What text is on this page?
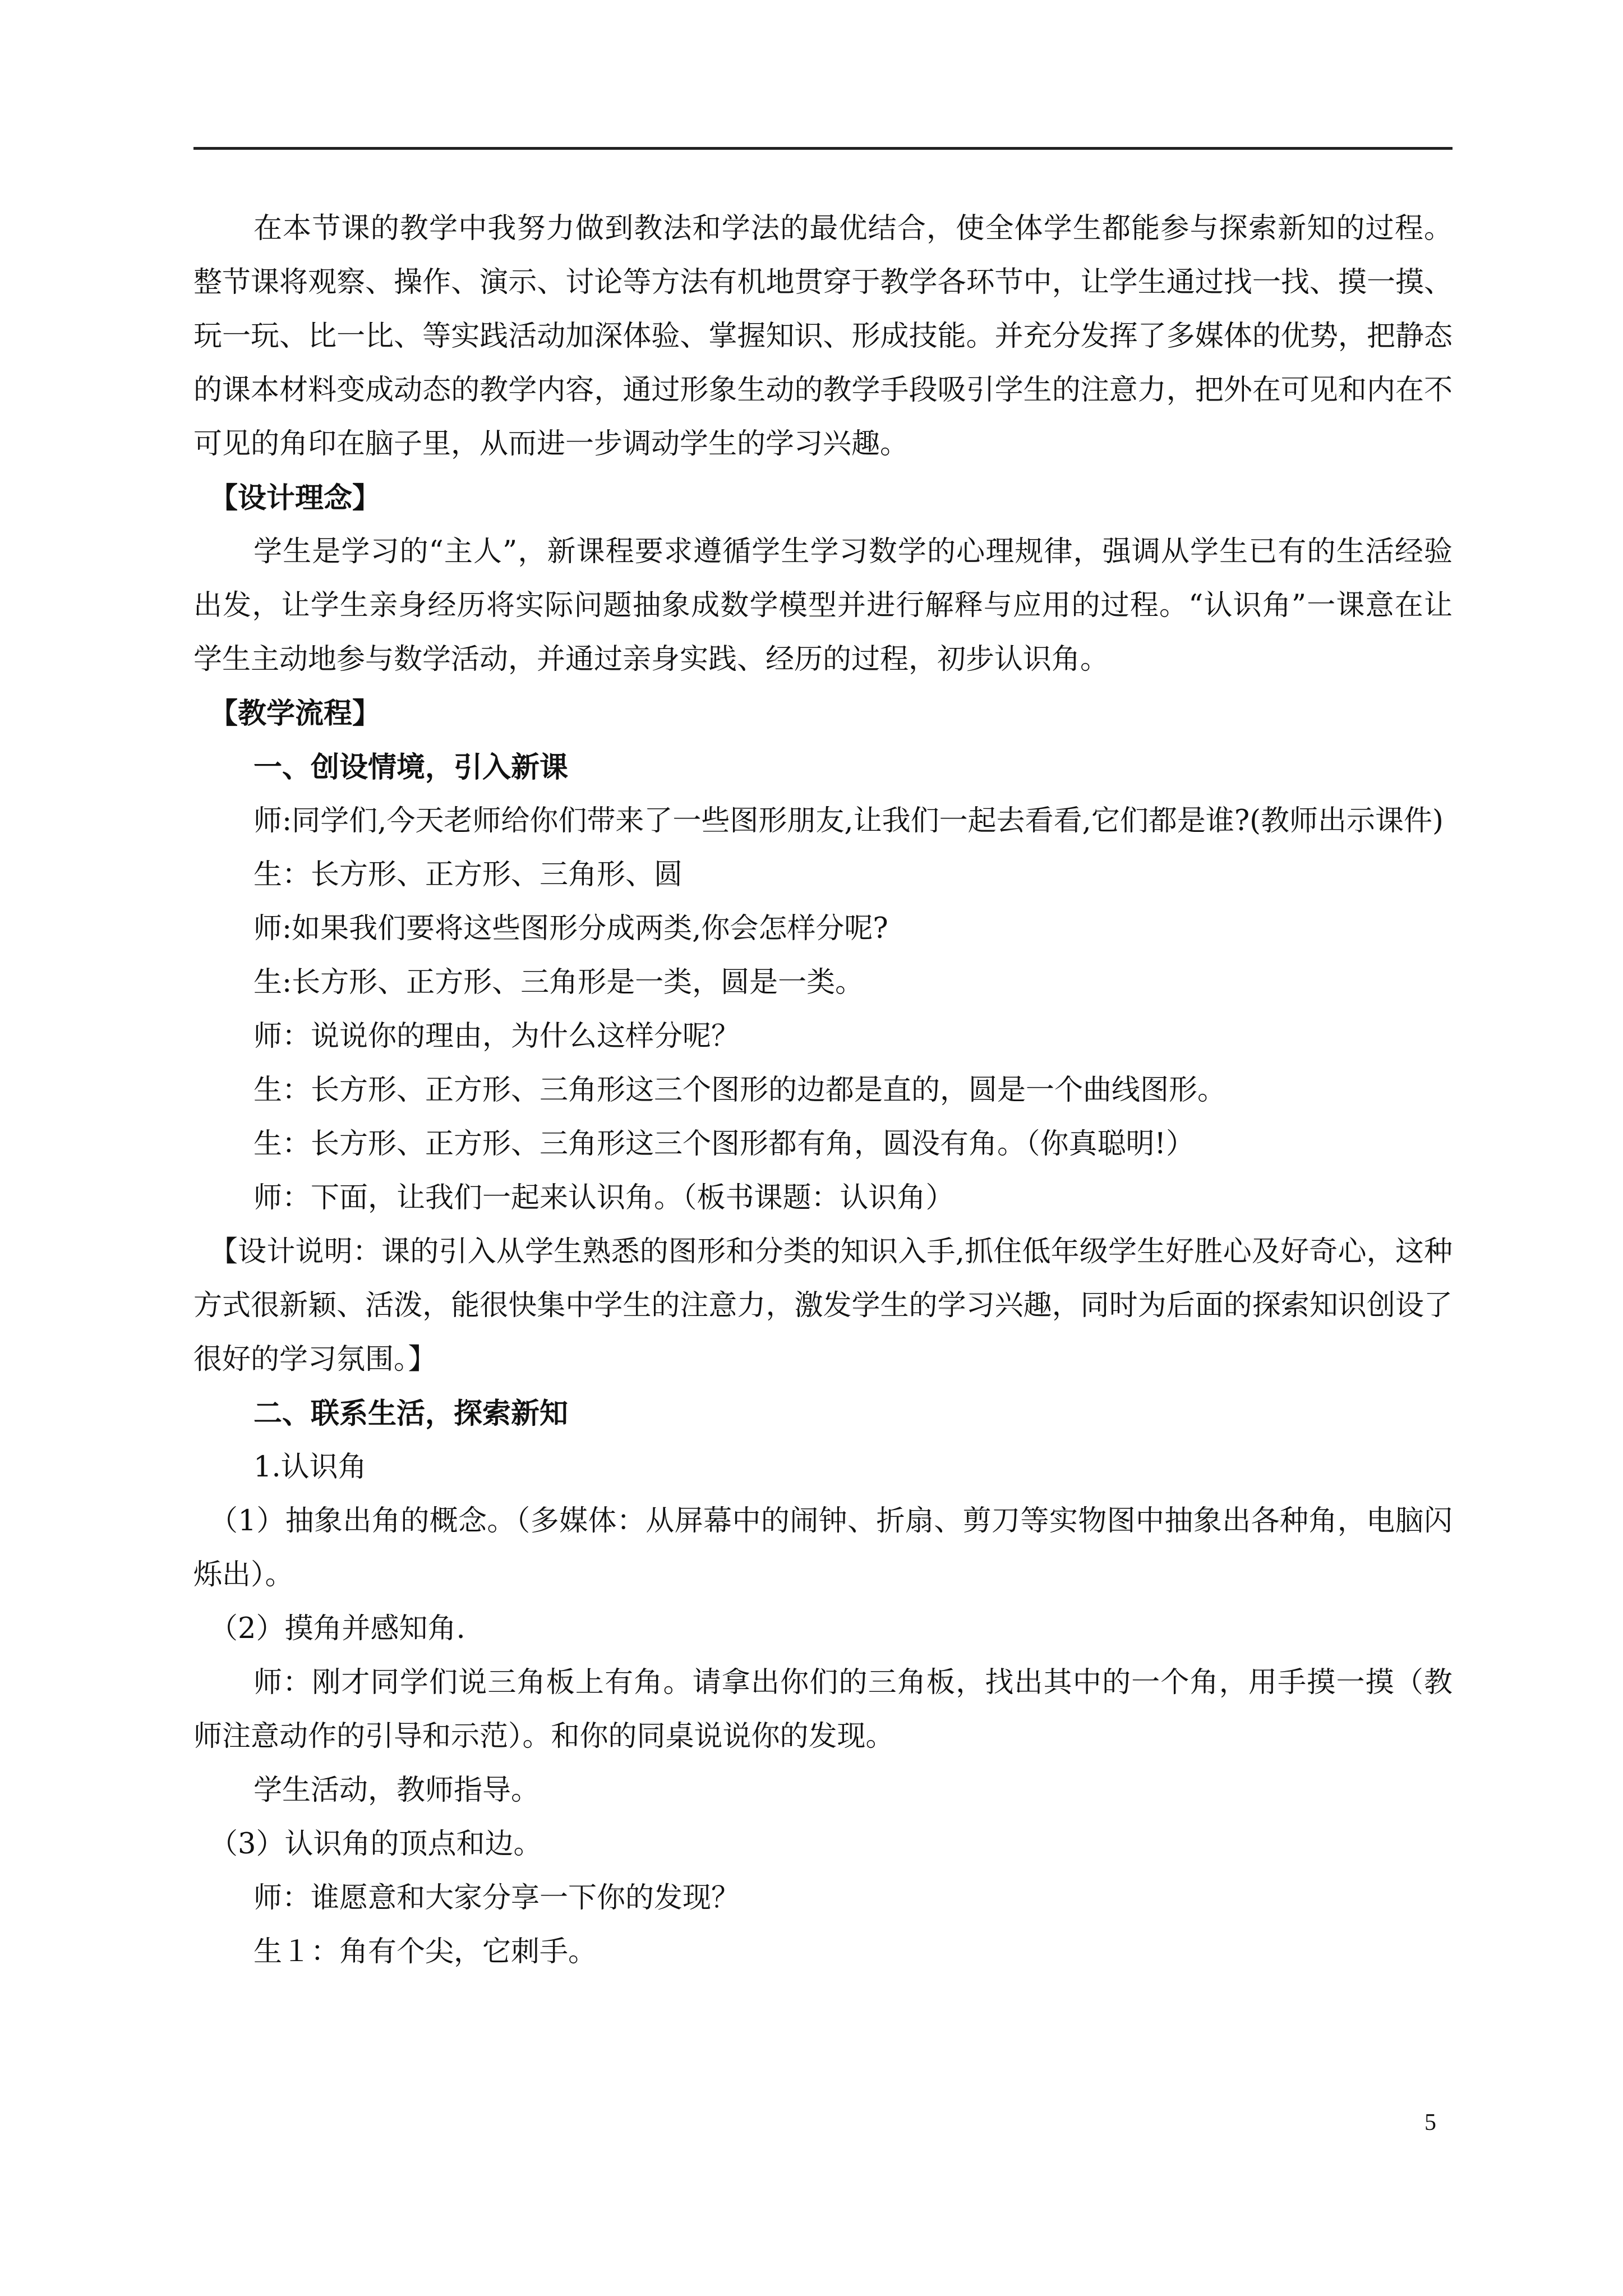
在本节课的教学中我努力做到教法和学法的最优结合，使全体学生都能参与探索新知的过程。整节课将观察、操作、演示、讨论等方法有机地贯穿于教学各环节中，让学生通过找一找、摸一摸、玩一玩、比一比、等实践活动加深体验、掌握知识、形成技能。并充分发挥了多媒体的优势，把静态的课本材料变成动态的教学内容，通过形象生动的教学手段吸引学生的注意力，把外在可见和内在不可见的角印在脑子里，从而进一步调动学生的学习兴趣。

【设计理念】

学生是学习的“主人”，新课程要求遵循学生学习数学的心理规律，强调从学生已有的生活经验出发，让学生亲身经历将实际问题抽象成数学模型并进行解释与应用的过程。“认识角”一课意在让学生主动地参与数学活动，并通过亲身实践、经历的过程，初步认识角。

【教学流程】

一、创设情境，引入新课

师:同学们,今天老师给你们带来了一些图形朋友,让我们一起去看看,它们都是谁?(教师出示课件)

生：长方形、正方形、三角形、圆

师:如果我们要将这些图形分成两类,你会怎样分呢?

生:长方形、正方形、三角形是一类，圆是一类。

师：说说你的理由，为什么这样分呢？

生：长方形、正方形、三角形这三个图形的边都是直的，圆是一个曲线图形。

生：长方形、正方形、三角形这三个图形都有角，圆没有角。（你真聪明!）

师：下面，让我们一起来认识角。（板书课题：认识角）

【设计说明：课的引入从学生熟悉的图形和分类的知识入手,抓住低年级学生好胜心及好奇心，这种方式很新颖、活泼，能很快集中学生的注意力，激发学生的学习兴趣，同时为后面的探索知识创设了很好的学习氛围。】

二、联系生活，探索新知

1.认识角

（1）抽象出角的概念。（多媒体：从屏幕中的闹钟、折扇、剪刀等实物图中抽象出各种角，电脑闪烁出）。

（2）摸角并感知角.

师：刚才同学们说三角板上有角。请拿出你们的三角板，找出其中的一个角，用手摸一摸（教师注意动作的引导和示范）。和你的同桌说说你的发现。

学生活动，教师指导。

（3）认识角的顶点和边。

师：谁愿意和大家分享一下你的发现？

生１：角有个尖，它刺手。

5
